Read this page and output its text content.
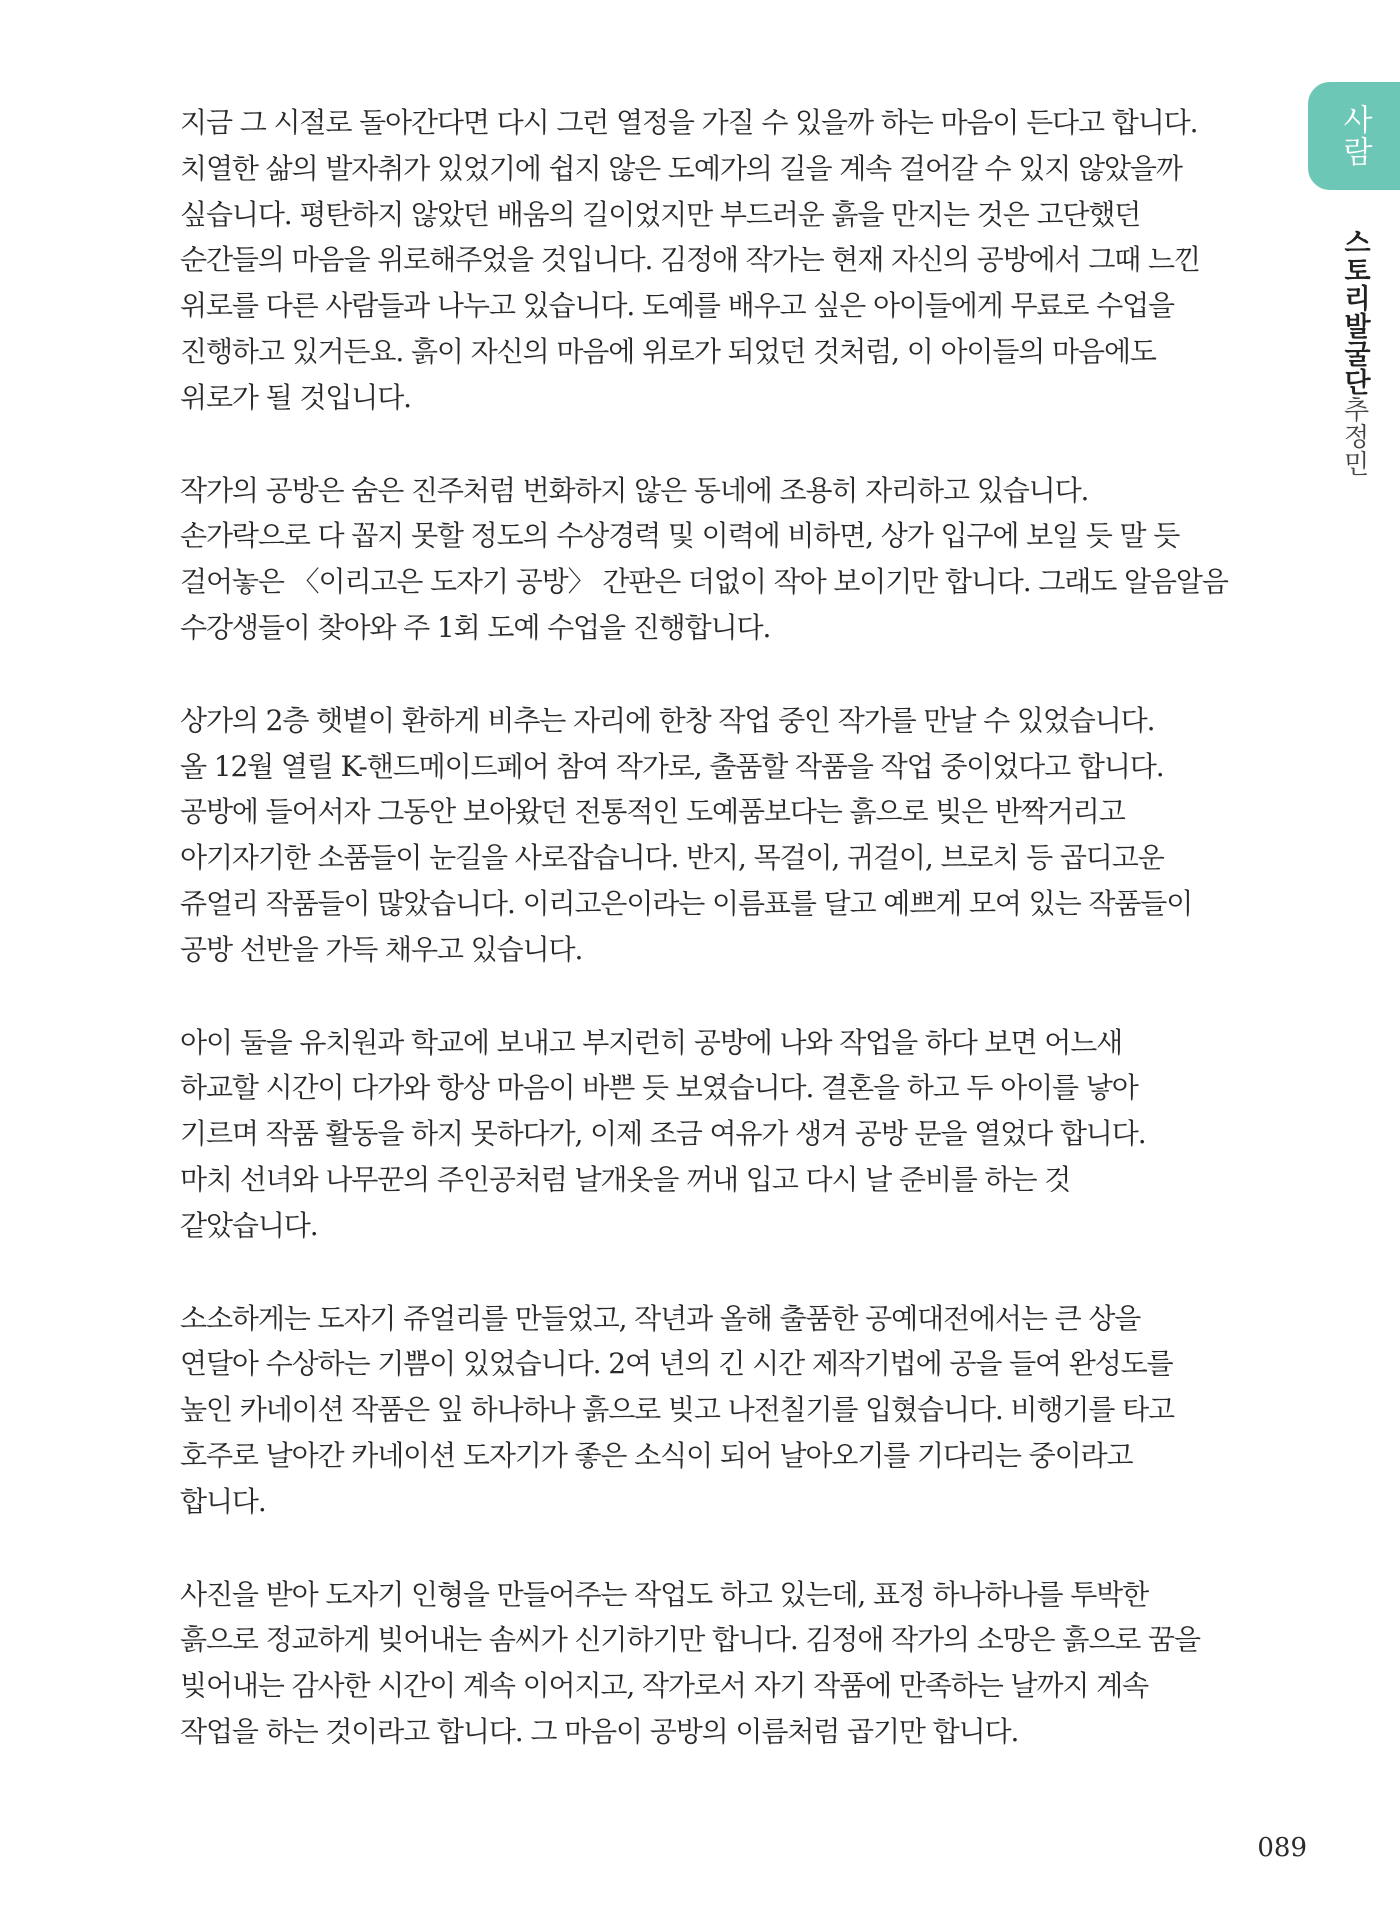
사람
스토리발굴단
추정민
지금 그 시절로 돌아간다면 다시 그런 열정을 가질 수 있을까 하는 마음이 든다고 합니다.
치열한 삶의 발자취가 있었기에 쉽지 않은 도예가의 길을 계속 걸어갈 수 있지 않았을까
싶습니다. 평탄하지 않았던 배움의 길이었지만 부드러운 흙을 만지는 것은 고단했던
순간들의 마음을 위로해주었을 것입니다. 김정애 작가는 현재 자신의 공방에서 그때 느낀
위로를 다른 사람들과 나누고 있습니다. 도예를 배우고 싶은 아이들에게 무료로 수업을
진행하고 있거든요. 흙이 자신의 마음에 위로가 되었던 것처럼, 이 아이들의 마음에도
위로가 될 것입니다.
작가의 공방은 숨은 진주처럼 번화하지 않은 동네에 조용히 자리하고 있습니다.
손가락으로 다 꼽지 못할 정도의 수상경력 및 이력에 비하면, 상가 입구에 보일 듯 말 듯
걸어놓은 〈이리고은 도자기 공방〉 간판은 더없이 작아 보이기만 합니다. 그래도 알음알음
수강생들이 찾아와 주 1회 도예 수업을 진행합니다.
상가의 2층 햇볕이 환하게 비추는 자리에 한창 작업 중인 작가를 만날 수 있었습니다.
올 12월 열릴 K-핸드메이드페어 참여 작가로, 출품할 작품을 작업 중이었다고 합니다.
공방에 들어서자 그동안 보아왔던 전통적인 도예품보다는 흙으로 빚은 반짝거리고
아기자기한 소품들이 눈길을 사로잡습니다. 반지, 목걸이, 귀걸이, 브로치 등 곱디고운
쥬얼리 작품들이 많았습니다. 이리고은이라는 이름표를 달고 예쁘게 모여 있는 작품들이
공방 선반을 가득 채우고 있습니다.
아이 둘을 유치원과 학교에 보내고 부지런히 공방에 나와 작업을 하다 보면 어느새
하교할 시간이 다가와 항상 마음이 바쁜 듯 보였습니다. 결혼을 하고 두 아이를 낳아
기르며 작품 활동을 하지 못하다가, 이제 조금 여유가 생겨 공방 문을 열었다 합니다.
마치 선녀와 나무꾼의 주인공처럼 날개옷을 꺼내 입고 다시 날 준비를 하는 것
같았습니다.
소소하게는 도자기 쥬얼리를 만들었고, 작년과 올해 출품한 공예대전에서는 큰 상을
연달아 수상하는 기쁨이 있었습니다. 2여 년의 긴 시간 제작기법에 공을 들여 완성도를
높인 카네이션 작품은 잎 하나하나 흙으로 빚고 나전칠기를 입혔습니다. 비행기를 타고
호주로 날아간 카네이션 도자기가 좋은 소식이 되어 날아오기를 기다리는 중이라고
합니다.
사진을 받아 도자기 인형을 만들어주는 작업도 하고 있는데, 표정 하나하나를 투박한
흙으로 정교하게 빚어내는 솜씨가 신기하기만 합니다. 김정애 작가의 소망은 흙으로 꿈을
빚어내는 감사한 시간이 계속 이어지고, 작가로서 자기 작품에 만족하는 날까지 계속
작업을 하는 것이라고 합니다. 그 마음이 공방의 이름처럼 곱기만 합니다.
089
